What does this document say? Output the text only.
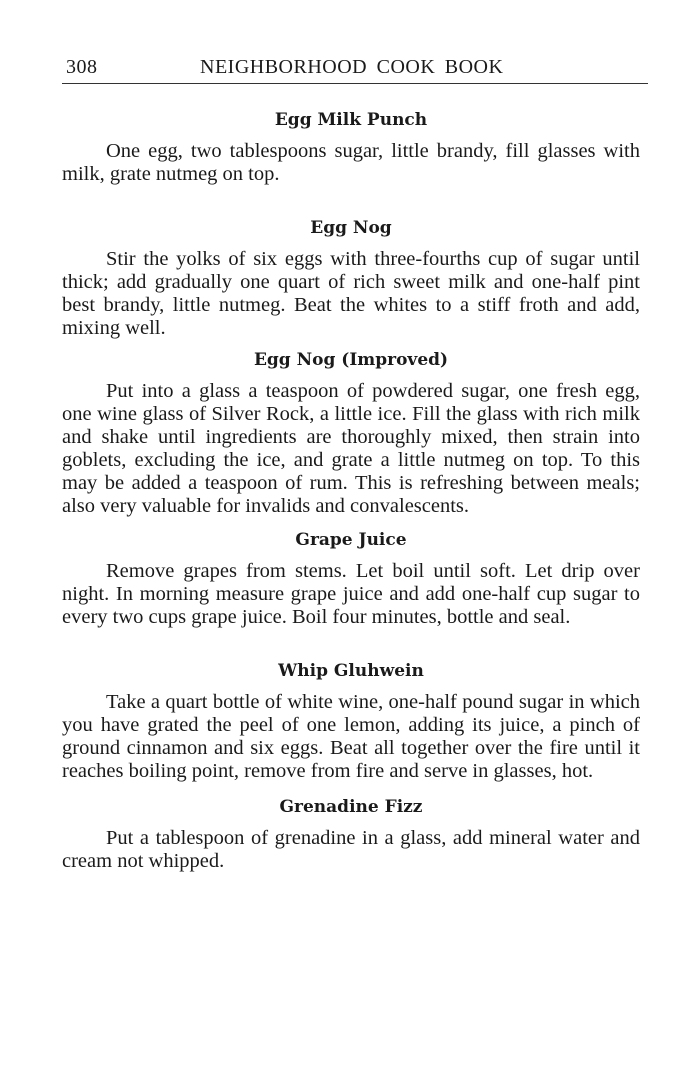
308	NEIGHBORHOOD COOK BOOK
Egg Milk Punch

One egg, two tablespoons sugar, little brandy, fill glasses with milk, grate nutmeg on top.

Egg Nog

Stir the yolks of six eggs with three-fourths cup of sugar until thick; add gradually one quart of rich sweet milk and one-half pint best brandy, little nutmeg. Beat the whites to a stiff froth and add, mixing well.

Egg Nog (Improved)

Put into a glass a teaspoon of powdered sugar, one fresh egg, one wine glass of Silver Rock, a little ice. Fill the glass with rich milk and shake until ingredients are thoroughly mixed, then strain into goblets, excluding the ice, and grate a little nutmeg on top. To this may be added a teaspoon of rum. This is refreshing between meals; also very valuable for invalids and convalescents.

Grape Juice

Remove grapes from stems. Let boil until soft. Let drip over night. In morning measure grape juice and add one-half cup sugar to every two cups grape juice. Boil four minutes, bottle and seal.

Whip Gluhwein

Take a quart bottle of white wine, one-half pound sugar in which you have grated the peel of one lemon, adding its juice, a pinch of ground cinnamon and six eggs. Beat all together over the fire until it reaches boiling point, remove from fire and serve in glasses, hot.

Grenadine Fizz

Put a tablespoon of grenadine in a glass, add mineral water and cream not whipped.
